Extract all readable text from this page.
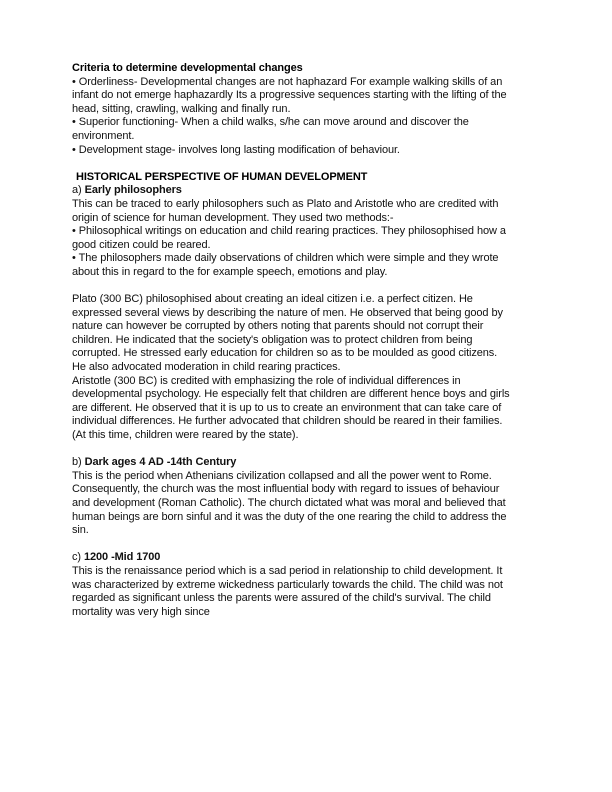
Criteria to determine developmental changes
• Orderliness- Developmental changes are not haphazard For example walking skills of an infant do not emerge haphazardly Its a progressive sequences starting with the lifting of the head, sitting, crawling, walking and finally run.
• Superior functioning- When a child walks, s/he can move around and discover the environment.
• Development stage- involves long lasting modification of behaviour.
HISTORICAL PERSPECTIVE OF HUMAN DEVELOPMENT
a) Early philosophers
This can be traced to early philosophers such as Plato and Aristotle who are credited with origin of science for human development. They used two methods:-
• Philosophical writings on education and child rearing practices. They philosophised how a good citizen could be reared.
• The philosophers made daily observations of children which were simple and they wrote about this in regard to the for example speech, emotions and play.
Plato (300 BC) philosophised about creating an ideal citizen i.e. a perfect citizen. He expressed several views by describing the nature of men. He observed that being good by nature can however be corrupted by others noting that parents should not corrupt their children. He indicated that the society's obligation was to protect children from being corrupted. He stressed early education for children so as to be moulded as good citizens. He also advocated moderation in child rearing practices.
Aristotle (300 BC) is credited with emphasizing the role of individual differences in developmental psychology. He especially felt that children are different hence boys and girls are different. He observed that it is up to us to create an environment that can take care of individual differences. He further advocated that children should be reared in their families. (At this time, children were reared by the state).
b) Dark ages 4 AD -14th Century
This is the period when Athenians civilization collapsed and all the power went to Rome. Consequently, the church was the most influential body with regard to issues of behaviour and development (Roman Catholic). The church dictated what was moral and believed that human beings are born sinful and it was the duty of the one rearing the child to address the sin.
c) 1200 -Mid 1700
This is the renaissance period which is a sad period in relationship to child development. It was characterized by extreme wickedness particularly towards the child. The child was not regarded as significant unless the parents were assured of the child's survival. The child mortality was very high since
